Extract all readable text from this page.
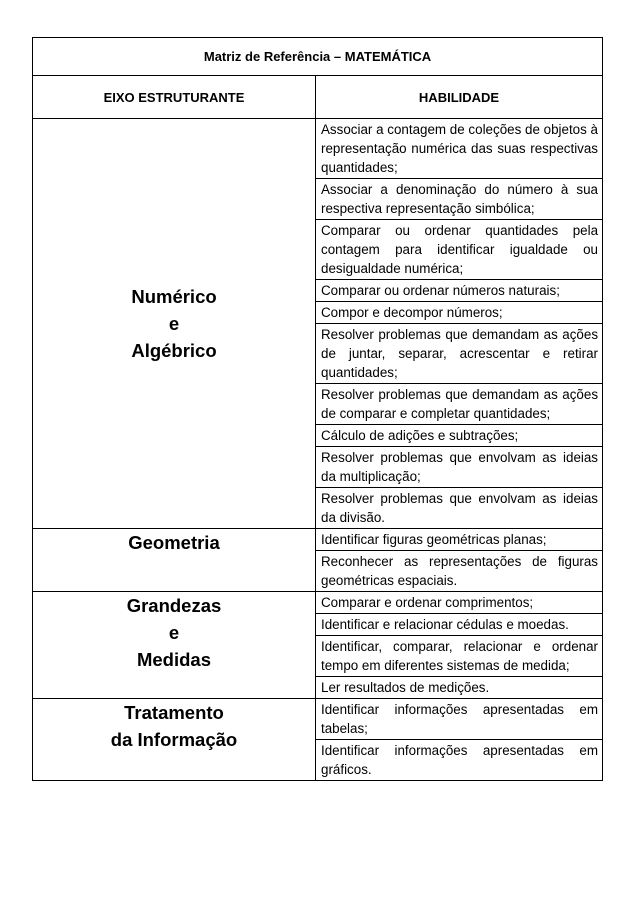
Matriz de Referência – MATEMÁTICA	
EIXO ESTRUTURANTE	HABILIDADE

Numérico
e
Algébrico	Associar a contagem de coleções de objetos à representação numérica das suas respectivas quantidades;
	Associar a denominação do número à sua respectiva representação simbólica;
	Comparar ou ordenar quantidades pela contagem para identificar igualdade ou desigualdade numérica;
	Comparar ou ordenar números naturais;
	Compor e decompor números;
	Resolver problemas que demandam as ações de juntar, separar, acrescentar e retirar quantidades;
	Resolver problemas que demandam as ações de comparar e completar quantidades;
	Cálculo de adições e subtrações;
	Resolver problemas que envolvam as ideias da multiplicação;
	Resolver problemas que envolvam as ideias da divisão.

Geometria	Identificar figuras geométricas planas;
	Reconhecer as representações de figuras geométricas espaciais.

Grandezas
e
Medidas	Comparar e ordenar comprimentos;
	Identificar e relacionar cédulas e moedas.
	Identificar, comparar, relacionar e ordenar tempo em diferentes sistemas de medida;
	Ler resultados de medições.

Tratamento
da Informação	Identificar informações apresentadas em tabelas;
	Identificar informações apresentadas em gráficos.
